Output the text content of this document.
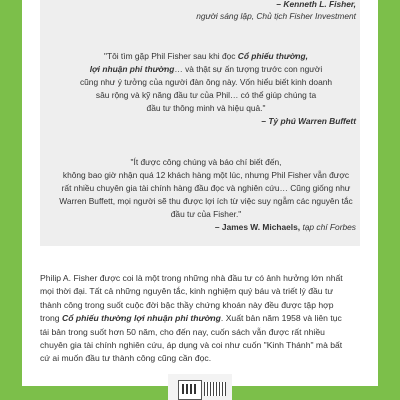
– Kenneth L. Fisher,
người sáng lập, Chủ tịch Fisher Investment
"Tôi tìm gặp Phil Fisher sau khi đọc Cổ phiếu thường,
lợi nhuận phi thường… và thật sự ấn tượng trước con người
cũng như ý tưởng của người đàn ông này. Vốn hiểu biết kinh doanh
sâu rộng và kỹ năng đầu tư của Phil… có thể giúp chúng ta
đầu tư thông minh và hiệu quả."
– Tỷ phú Warren Buffett
"Ít được công chúng và báo chí biết đến,
không bao giờ nhận quá 12 khách hàng một lúc, nhưng Phil Fisher vẫn được
rất nhiều chuyên gia tài chính hàng đầu đọc và nghiên cứu… Cũng giống như
Warren Buffett, mọi người sẽ thu được lợi ích từ việc suy ngẫm các nguyên tắc
đầu tư của Fisher."
– James W. Michaels, tạp chí Forbes
Philip A. Fisher được coi là một trong những nhà đầu tư có ảnh hưởng lớn nhất
mọi thời đại. Tất cả những nguyên tắc, kinh nghiệm quý báu và triết lý đầu tư
thành công trong suốt cuộc đời bậc thầy chứng khoán này đều được tập hợp
trong Cổ phiếu thường lợi nhuận phi thường. Xuất bản năm 1958 và liên tục
tái bản trong suốt hơn 50 năm, cho đến nay, cuốn sách vẫn được rất nhiều
chuyên gia tài chính nghiên cứu, áp dụng và coi như cuốn "Kinh Thánh" mà bất
cứ ai muốn đầu tư thành công cũng cần đọc.
